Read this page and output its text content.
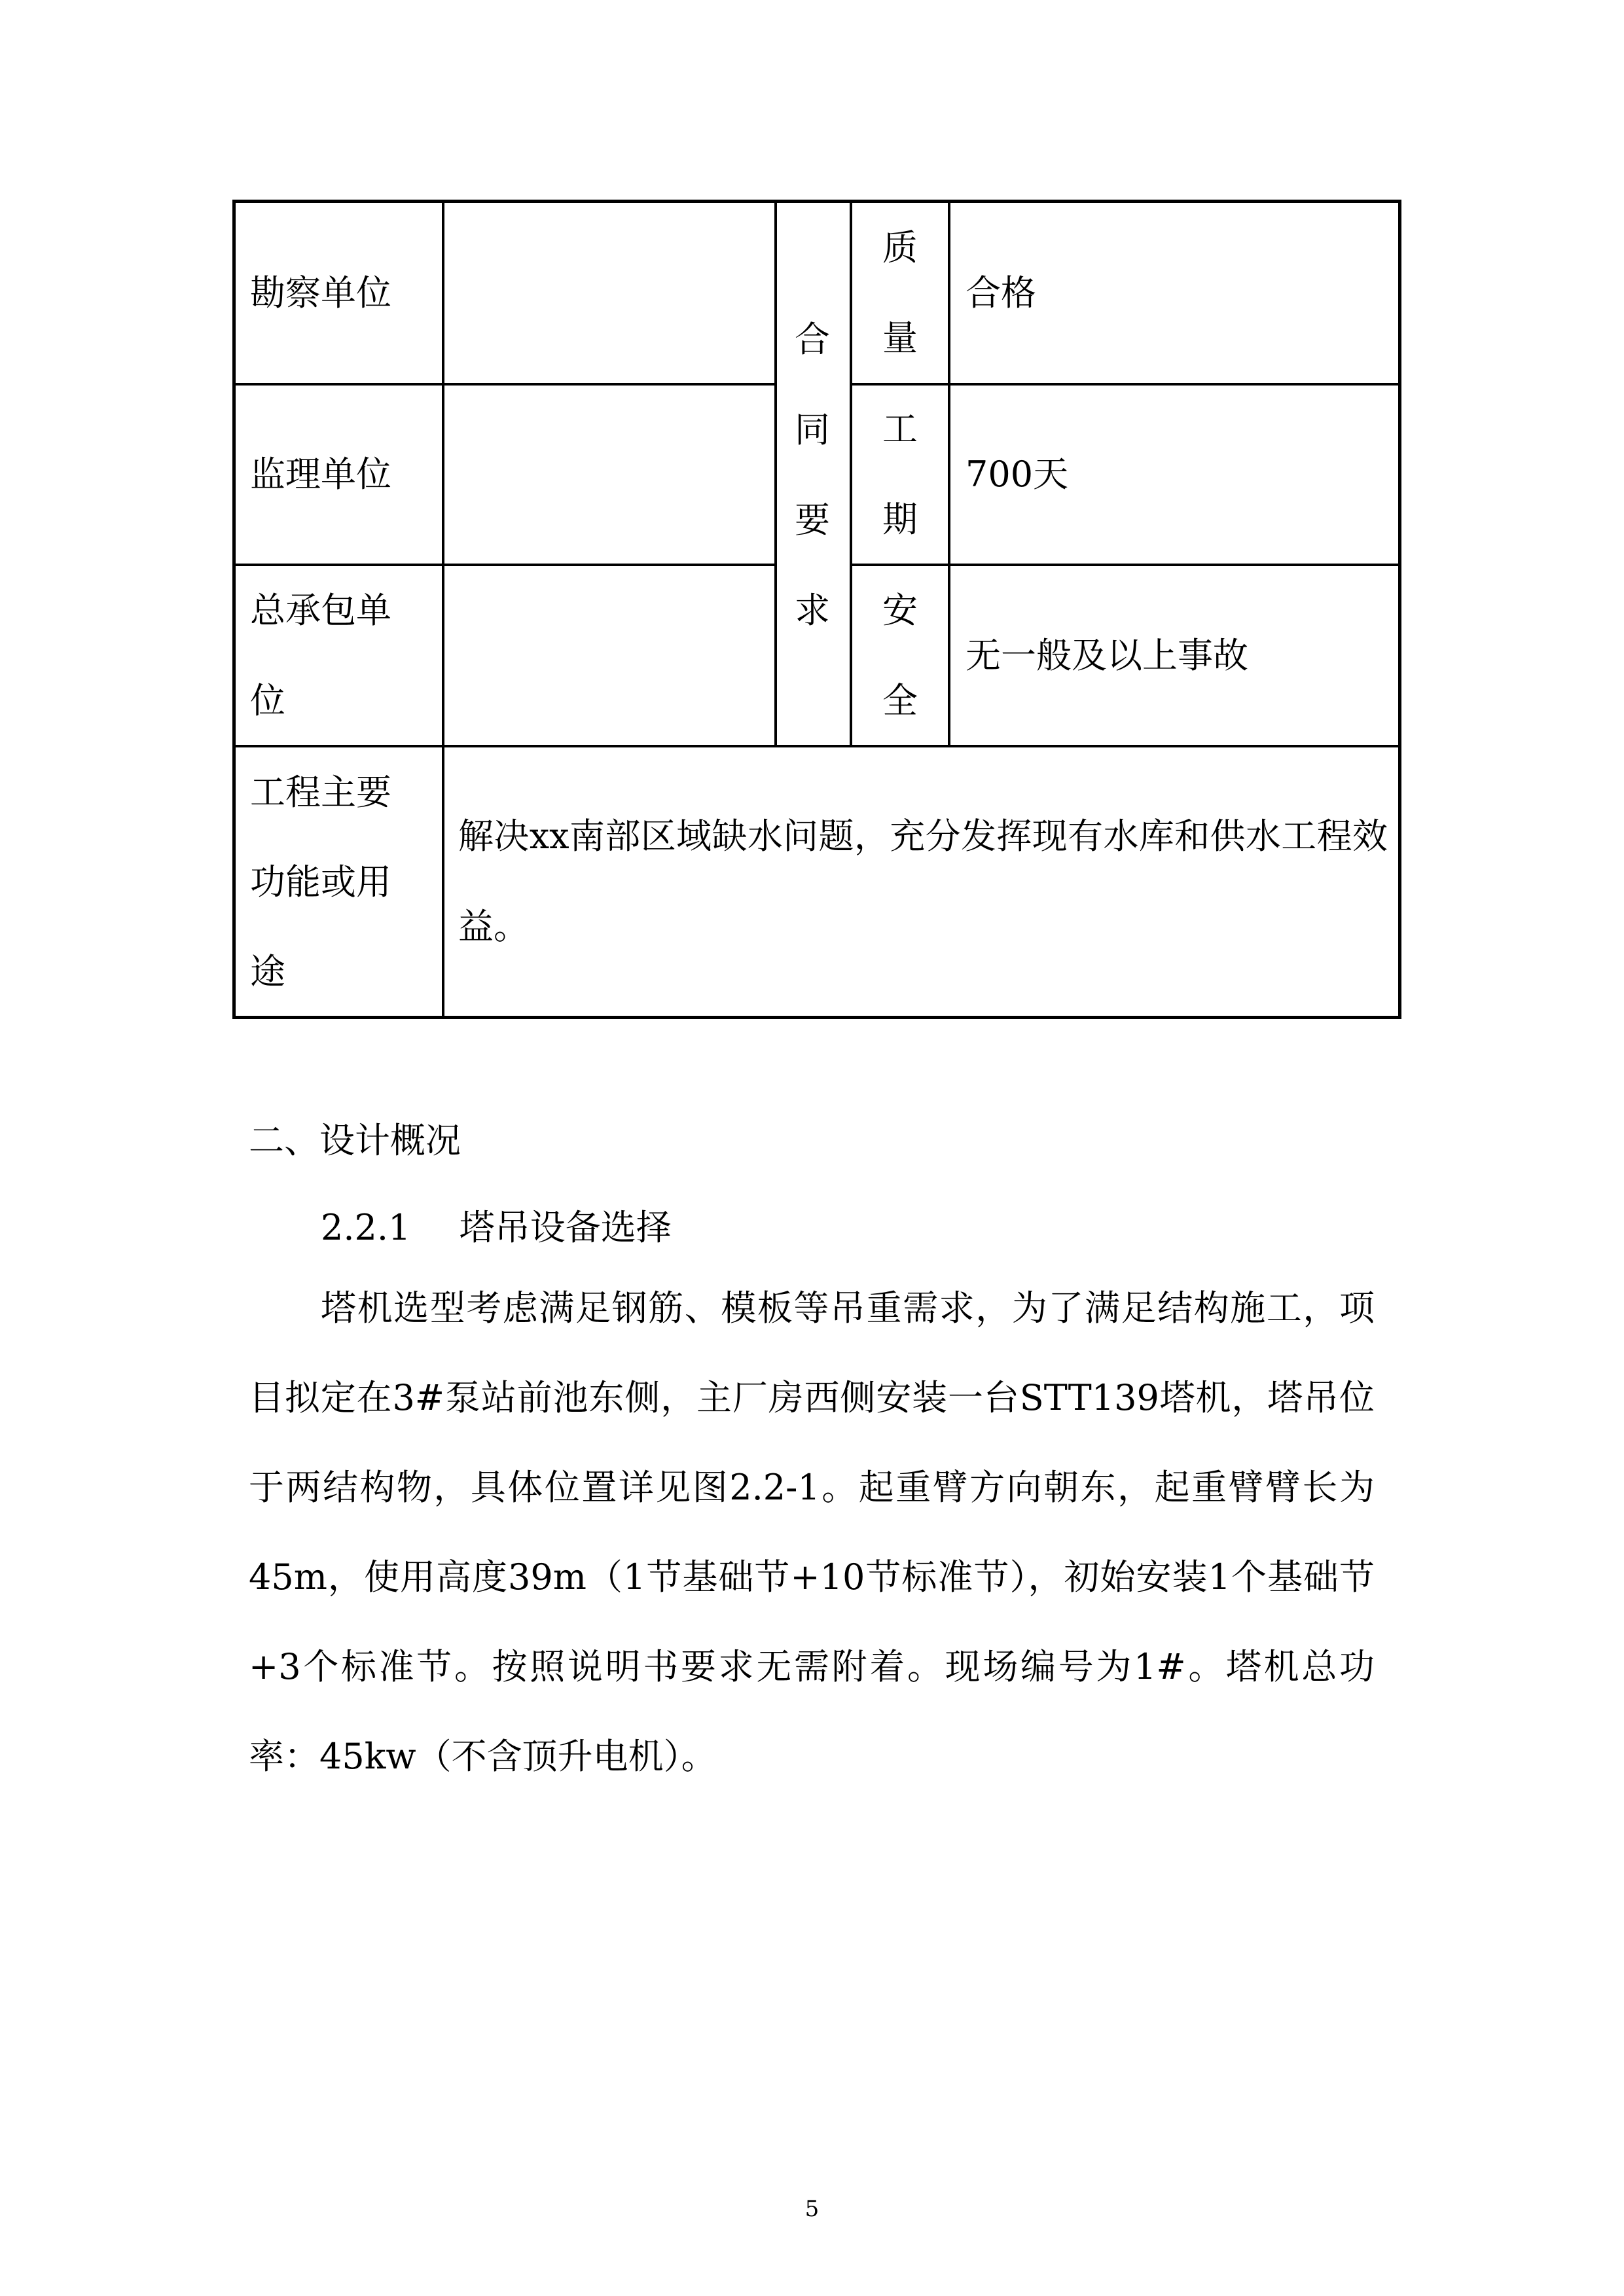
勘察单位
监理单位
总承包单位
工程主要功能或用途
合同要求
质量
工期
安全
合格
700天
无一般及以上事故
解决xx南部区域缺水问题，充分发挥现有水库和供水工程效益。
二、设计概况
2.2.1 塔吊设备选择
塔机选型考虑满足钢筋、模板等吊重需求，为了满足结构施工，项目拟定在3#泵站前池东侧，主厂房西侧安装一台STT139塔机，塔吊位于两结构物，具体位置详见图2.2-1。起重臂方向朝东，起重臂臂长为45m，使用高度39m（1节基础节+10节标准节），初始安装1个基础节+3个标准节。按照说明书要求无需附着。现场编号为1#。塔机总功率：45kw（不含顶升电机）。
5
